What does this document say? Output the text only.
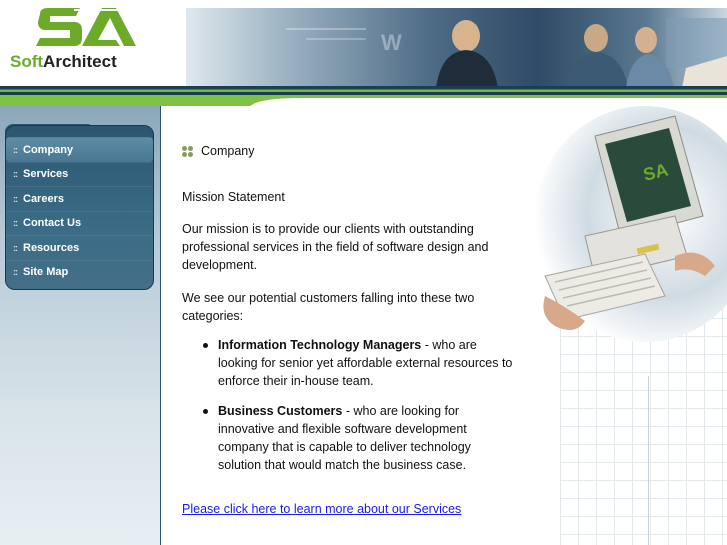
SoftArchitect
W
:: Company
:: Services
:: Careers
:: Contact Us
:: Resources
:: Site Map
SA
Company
Mission Statement

Our mission is to provide our clients with outstanding professional services in the field of software design and development.

We see our potential customers falling into these two categories:

Information Technology Managers - who are looking for senior yet affordable external resources to enforce their in-house team.
Business Customers - who are looking for innovative and flexible software development company that is capable to deliver technology solution that would match the business case.
Please click here to learn more about our Services
